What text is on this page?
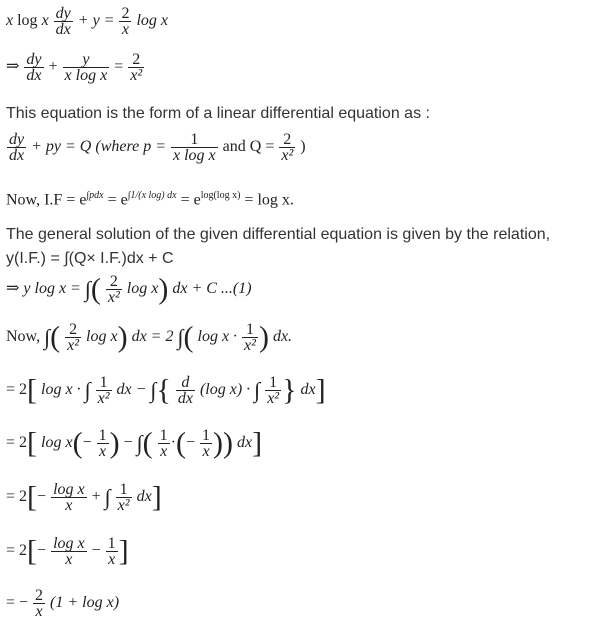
x log x $\frac{dy}{dx} + y = \frac{2}{x}$ log x
⇒ $\frac{dy}{dx} + \frac{y}{\text{x log x}} = \frac{2}{\text{x²}}$
This equation is the form of a linear differential equation as :
$\frac{dy}{dx}$ + py = Q (where $p = \frac{1}{\text{x log x}}$ and $Q = \frac{2}{\text{x²}}$ )
Now, $I.F = e^{\int pdx} = e^{\int 1/(x log) dx} = e^{log(log x)} = \log x$.
The general solution of the given differential equation is given by the relation,
y(I.F.) = ∫(Q× I.F.)dx + C
⇒ y log x = ∫( $\frac{2}{\text{x²}}$ log x) dx + C ...(1)
Now, ∫( $\frac{2}{\text{x²}}$ log x) dx = 2 ∫( $\log x \cdot \frac{1}{\text{x²}}$ ) dx.
= 2[ log x · ∫ $\frac{1}{\text{x²}}$ dx − ∫{ $\frac{d}{dx} (\log$ x) · ∫ $\frac{1}{\text{x²}}$ } dx]
= 2[ $\log x(- \frac{1}{x}$ ) − ∫( $\frac{1}{x}$ ·(− $\frac{1}{x}$ )) dx]
= $2[- \frac{\text{log x}}{x}$ + ∫ $\frac{1}{\text{x²}} dx$]
= $2[- \frac{\text{log x}}{x} - \frac{1}{x}$ ]
= − $\frac{2}{x} (1 + \log x)$
